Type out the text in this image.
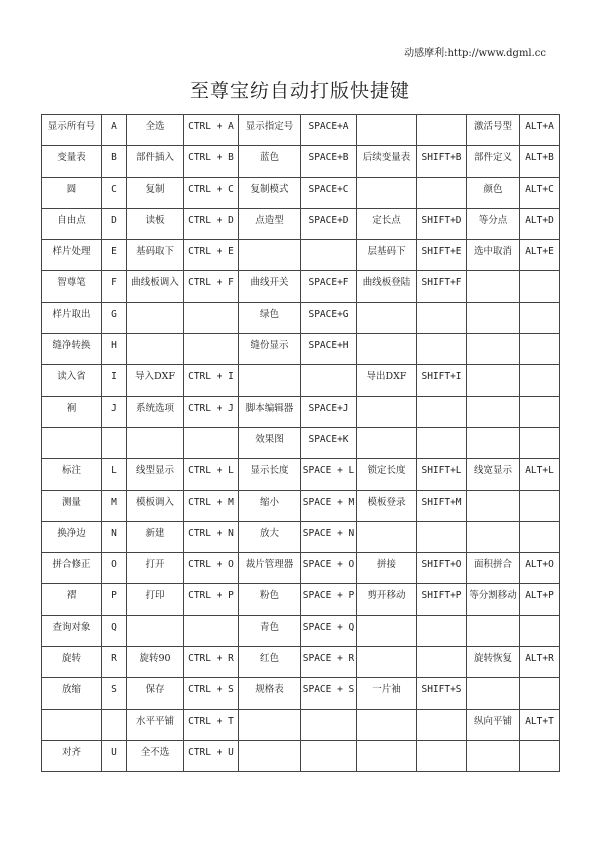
动感摩利:http://www.dgml.cc
至尊宝纺自动打版快捷键
显示所有号	A	全选	CTRL + A	显示指定号	SPACE+A			激活号型	ALT+A
变量表	B	部件插入	CTRL + B	蓝色	SPACE+B	后续变量表	SHIFT+B	部件定义	ALT+B
圆	C	复制	CTRL + C	复制模式	SPACE+C			颜色	ALT+C
自由点	D	读板	CTRL + D	点造型	SPACE+D	定长点	SHIFT+D	等分点	ALT+D
样片处理	E	基码取下	CTRL + E			层基码下	SHIFT+E	选中取消	ALT+E
智尊笔	F	曲线板调入	CTRL + F	曲线开关	SPACE+F	曲线板登陆	SHIFT+F		
样片取出	G			绿色	SPACE+G				
缝净转换	H			缝份显示	SPACE+H				
读入省	I	导入DXF	CTRL + I			导出DXF	SHIFT+I		
裥	J	系统选项	CTRL + J	脚本编辑器	SPACE+J				
				效果图	SPACE+K				
标注	L	线型显示	CTRL + L	显示长度	SPACE + L	锁定长度	SHIFT+L	线宽显示	ALT+L
测量	M	模板调入	CTRL + M	缩小	SPACE + M	模板登录	SHIFT+M		
换净边	N	新建	CTRL + N	放大	SPACE + N				
拼合修正	O	打开	CTRL + O	裁片管理器	SPACE + O	拼接	SHIFT+O	面积拼合	ALT+O
褶	P	打印	CTRL + P	粉色	SPACE + P	剪开移动	SHIFT+P	等分割移动	ALT+P
查询对象	Q			青色	SPACE + Q				
旋转	R	旋转90	CTRL + R	红色	SPACE + R			旋转恢复	ALT+R
放缩	S	保存	CTRL + S	规格表	SPACE + S	一片袖	SHIFT+S		
		水平平铺	CTRL + T					纵向平铺	ALT+T
对齐	U	全不选	CTRL + U						
